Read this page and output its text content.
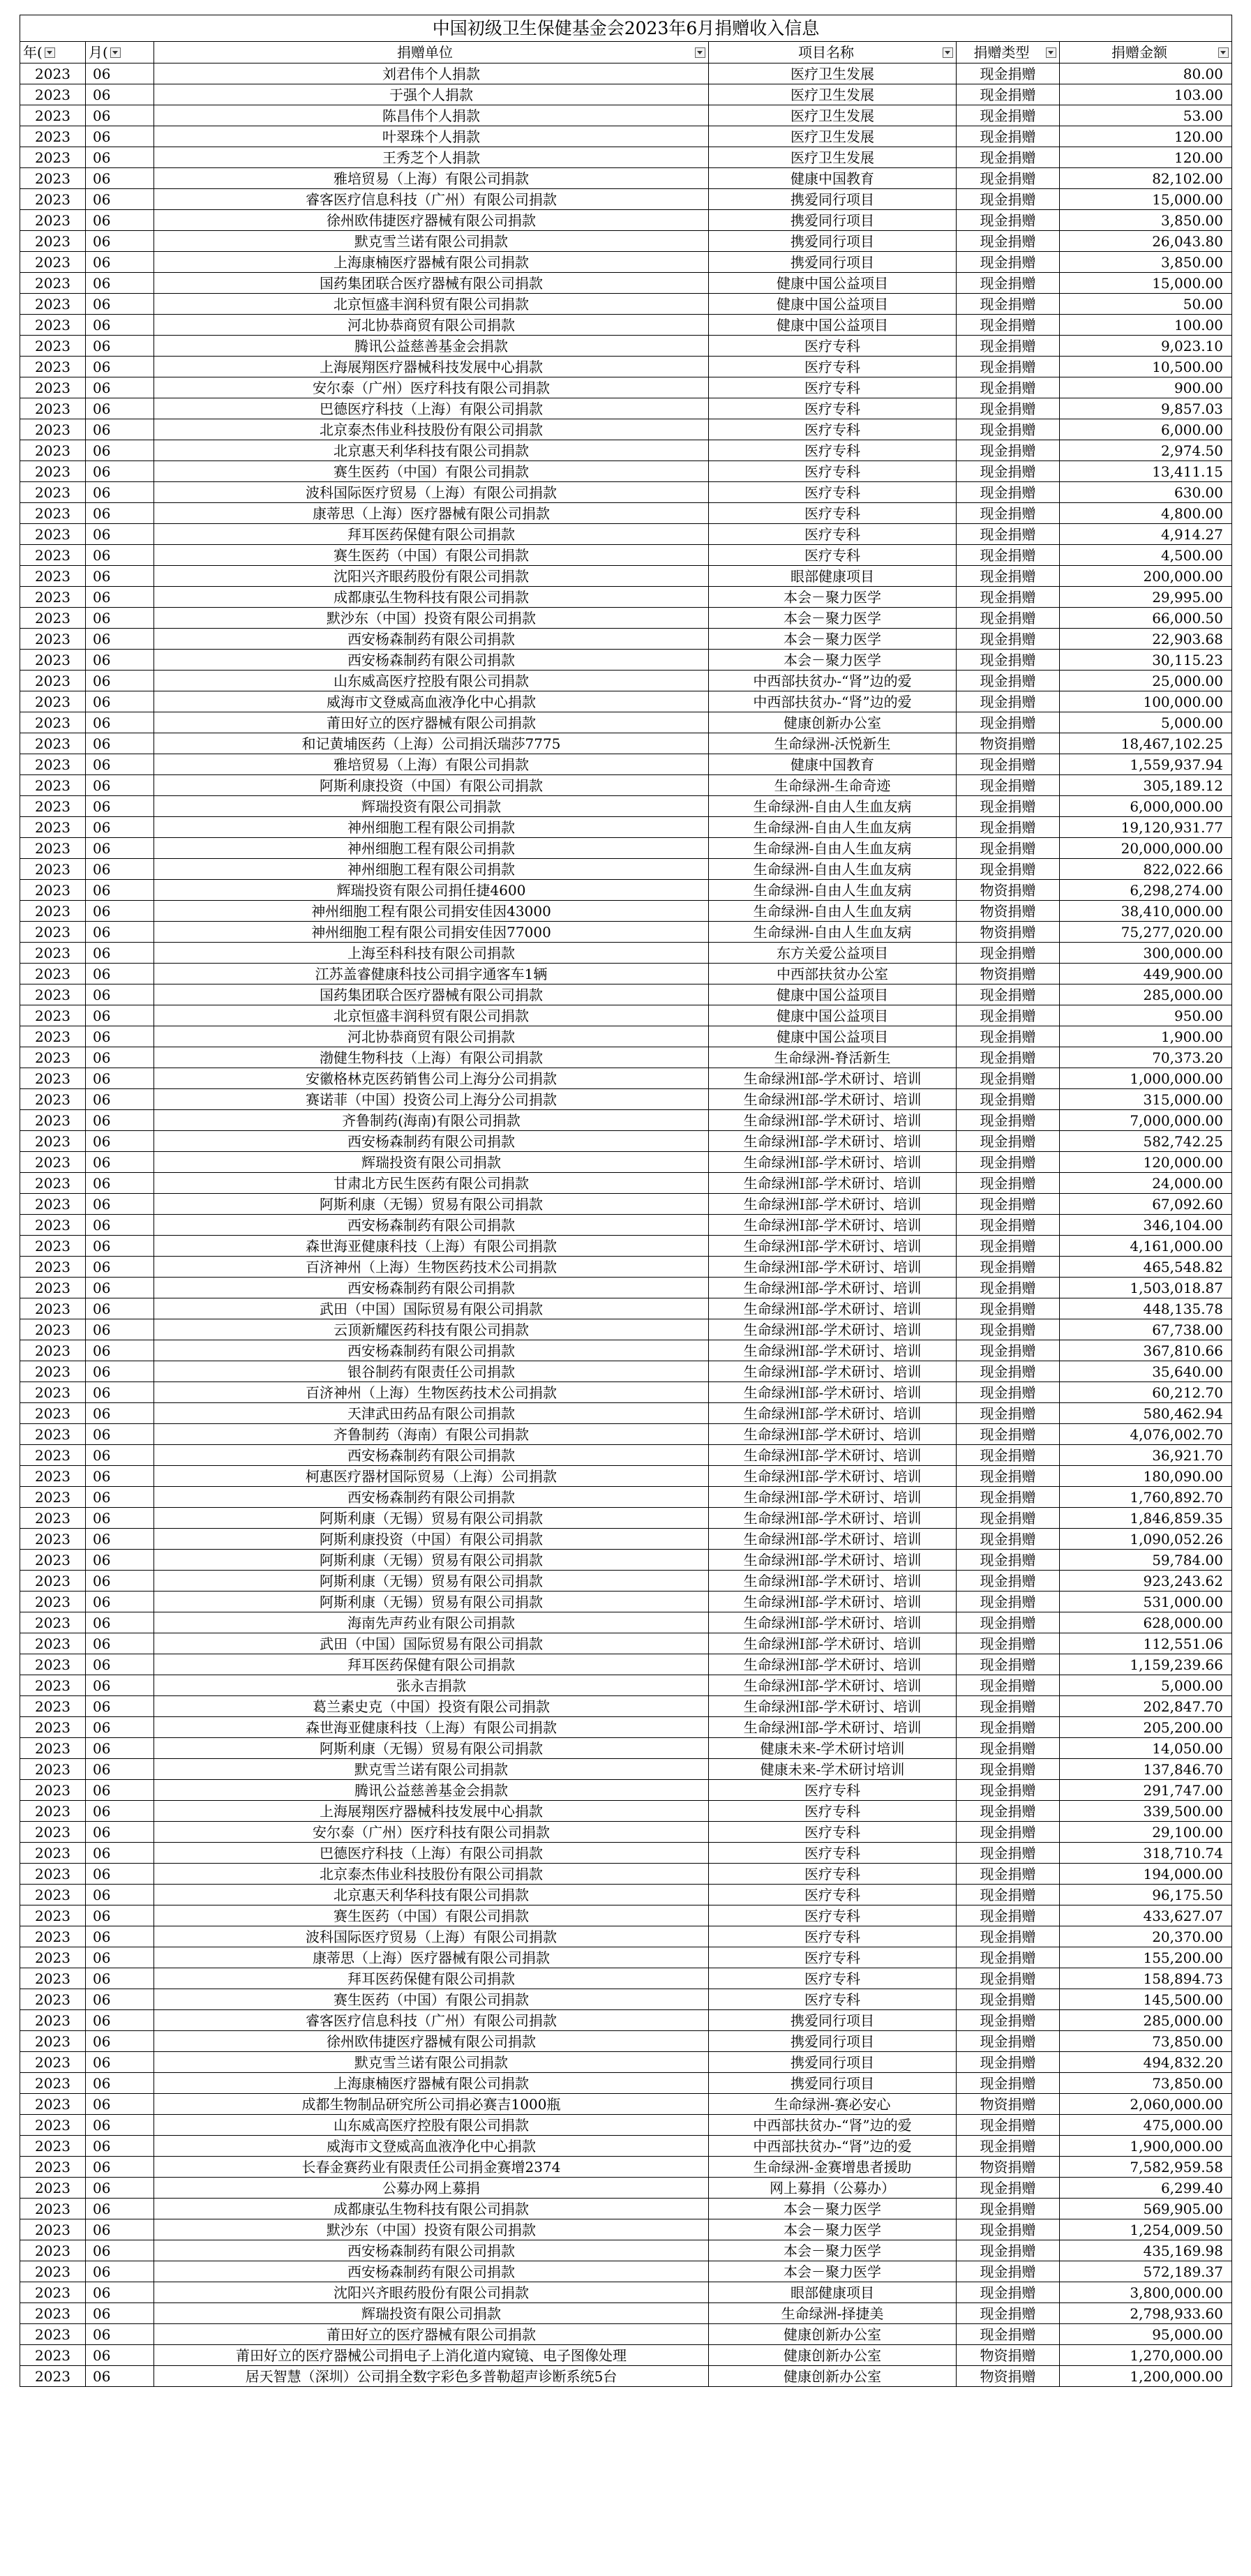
中国初级卫生保健基金会2023年6月捐赠收入信息					

年(	月(	捐赠单位	项目名称	捐赠类型	捐赠金额

2023	06	刘君伟个人捐款	医疗卫生发展	现金捐赠	80.00
2023	06	于强个人捐款	医疗卫生发展	现金捐赠	103.00
2023	06	陈昌伟个人捐款	医疗卫生发展	现金捐赠	53.00
2023	06	叶翠珠个人捐款	医疗卫生发展	现金捐赠	120.00
2023	06	王秀芝个人捐款	医疗卫生发展	现金捐赠	120.00
2023	06	雅培贸易（上海）有限公司捐款	健康中国教育	现金捐赠	82,102.00
2023	06	睿客医疗信息科技（广州）有限公司捐款	携爱同行项目	现金捐赠	15,000.00
2023	06	徐州欧伟捷医疗器械有限公司捐款	携爱同行项目	现金捐赠	3,850.00
2023	06	默克雪兰诺有限公司捐款	携爱同行项目	现金捐赠	26,043.80
2023	06	上海康楠医疗器械有限公司捐款	携爱同行项目	现金捐赠	3,850.00
2023	06	国药集团联合医疗器械有限公司捐款	健康中国公益项目	现金捐赠	15,000.00
2023	06	北京恒盛丰润科贸有限公司捐款	健康中国公益项目	现金捐赠	50.00
2023	06	河北协恭商贸有限公司捐款	健康中国公益项目	现金捐赠	100.00
2023	06	腾讯公益慈善基金会捐款	医疗专科	现金捐赠	9,023.10
2023	06	上海展翔医疗器械科技发展中心捐款	医疗专科	现金捐赠	10,500.00
2023	06	安尔泰（广州）医疗科技有限公司捐款	医疗专科	现金捐赠	900.00
2023	06	巴德医疗科技（上海）有限公司捐款	医疗专科	现金捐赠	9,857.03
2023	06	北京泰杰伟业科技股份有限公司捐款	医疗专科	现金捐赠	6,000.00
2023	06	北京惠天利华科技有限公司捐款	医疗专科	现金捐赠	2,974.50
2023	06	赛生医药（中国）有限公司捐款	医疗专科	现金捐赠	13,411.15
2023	06	波科国际医疗贸易（上海）有限公司捐款	医疗专科	现金捐赠	630.00
2023	06	康蒂思（上海）医疗器械有限公司捐款	医疗专科	现金捐赠	4,800.00
2023	06	拜耳医药保健有限公司捐款	医疗专科	现金捐赠	4,914.27
2023	06	赛生医药（中国）有限公司捐款	医疗专科	现金捐赠	4,500.00
2023	06	沈阳兴齐眼药股份有限公司捐款	眼部健康项目	现金捐赠	200,000.00
2023	06	成都康弘生物科技有限公司捐款	本会－聚力医学	现金捐赠	29,995.00
2023	06	默沙东（中国）投资有限公司捐款	本会－聚力医学	现金捐赠	66,000.50
2023	06	西安杨森制药有限公司捐款	本会－聚力医学	现金捐赠	22,903.68
2023	06	西安杨森制药有限公司捐款	本会－聚力医学	现金捐赠	30,115.23
2023	06	山东威高医疗控股有限公司捐款	中西部扶贫办-“肾”边的爱	现金捐赠	25,000.00
2023	06	威海市文登威高血液净化中心捐款	中西部扶贫办-“肾”边的爱	现金捐赠	100,000.00
2023	06	莆田好立的医疗器械有限公司捐款	健康创新办公室	现金捐赠	5,000.00
2023	06	和记黄埔医药（上海）公司捐沃瑞莎7775	生命绿洲-沃悦新生	物资捐赠	18,467,102.25
2023	06	雅培贸易（上海）有限公司捐款	健康中国教育	现金捐赠	1,559,937.94
2023	06	阿斯利康投资（中国）有限公司捐款	生命绿洲-生命奇迹	现金捐赠	305,189.12
2023	06	辉瑞投资有限公司捐款	生命绿洲-自由人生血友病	现金捐赠	6,000,000.00
2023	06	神州细胞工程有限公司捐款	生命绿洲-自由人生血友病	现金捐赠	19,120,931.77
2023	06	神州细胞工程有限公司捐款	生命绿洲-自由人生血友病	现金捐赠	20,000,000.00
2023	06	神州细胞工程有限公司捐款	生命绿洲-自由人生血友病	现金捐赠	822,022.66
2023	06	辉瑞投资有限公司捐任捷4600	生命绿洲-自由人生血友病	物资捐赠	6,298,274.00
2023	06	神州细胞工程有限公司捐安佳因43000	生命绿洲-自由人生血友病	物资捐赠	38,410,000.00
2023	06	神州细胞工程有限公司捐安佳因77000	生命绿洲-自由人生血友病	物资捐赠	75,277,020.00
2023	06	上海至科科技有限公司捐款	东方关爱公益项目	现金捐赠	300,000.00
2023	06	江苏盖睿健康科技公司捐字通客车1辆	中西部扶贫办公室	物资捐赠	449,900.00
2023	06	国药集团联合医疗器械有限公司捐款	健康中国公益项目	现金捐赠	285,000.00
2023	06	北京恒盛丰润科贸有限公司捐款	健康中国公益项目	现金捐赠	950.00
2023	06	河北协恭商贸有限公司捐款	健康中国公益项目	现金捐赠	1,900.00
2023	06	渤健生物科技（上海）有限公司捐款	生命绿洲-脊活新生	现金捐赠	70,373.20
2023	06	安徽格林克医药销售公司上海分公司捐款	生命绿洲Ⅰ部-学术研讨、培训	现金捐赠	1,000,000.00
2023	06	赛诺菲（中国）投资公司上海分公司捐款	生命绿洲Ⅰ部-学术研讨、培训	现金捐赠	315,000.00
2023	06	齐鲁制药(海南)有限公司捐款	生命绿洲Ⅰ部-学术研讨、培训	现金捐赠	7,000,000.00
2023	06	西安杨森制药有限公司捐款	生命绿洲Ⅰ部-学术研讨、培训	现金捐赠	582,742.25
2023	06	辉瑞投资有限公司捐款	生命绿洲Ⅰ部-学术研讨、培训	现金捐赠	120,000.00
2023	06	甘肃北方民生医药有限公司捐款	生命绿洲Ⅰ部-学术研讨、培训	现金捐赠	24,000.00
2023	06	阿斯利康（无锡）贸易有限公司捐款	生命绿洲Ⅰ部-学术研讨、培训	现金捐赠	67,092.60
2023	06	西安杨森制药有限公司捐款	生命绿洲Ⅰ部-学术研讨、培训	现金捐赠	346,104.00
2023	06	森世海亚健康科技（上海）有限公司捐款	生命绿洲Ⅰ部-学术研讨、培训	现金捐赠	4,161,000.00
2023	06	百济神州（上海）生物医药技术公司捐款	生命绿洲Ⅰ部-学术研讨、培训	现金捐赠	465,548.82
2023	06	西安杨森制药有限公司捐款	生命绿洲Ⅰ部-学术研讨、培训	现金捐赠	1,503,018.87
2023	06	武田（中国）国际贸易有限公司捐款	生命绿洲Ⅰ部-学术研讨、培训	现金捐赠	448,135.78
2023	06	云顶新耀医药科技有限公司捐款	生命绿洲Ⅰ部-学术研讨、培训	现金捐赠	67,738.00
2023	06	西安杨森制药有限公司捐款	生命绿洲Ⅰ部-学术研讨、培训	现金捐赠	367,810.66
2023	06	银谷制药有限责任公司捐款	生命绿洲Ⅰ部-学术研讨、培训	现金捐赠	35,640.00
2023	06	百济神州（上海）生物医药技术公司捐款	生命绿洲Ⅰ部-学术研讨、培训	现金捐赠	60,212.70
2023	06	天津武田药品有限公司捐款	生命绿洲Ⅰ部-学术研讨、培训	现金捐赠	580,462.94
2023	06	齐鲁制药（海南）有限公司捐款	生命绿洲Ⅰ部-学术研讨、培训	现金捐赠	4,076,002.70
2023	06	西安杨森制药有限公司捐款	生命绿洲Ⅰ部-学术研讨、培训	现金捐赠	36,921.70
2023	06	柯惠医疗器材国际贸易（上海）公司捐款	生命绿洲Ⅰ部-学术研讨、培训	现金捐赠	180,090.00
2023	06	西安杨森制药有限公司捐款	生命绿洲Ⅰ部-学术研讨、培训	现金捐赠	1,760,892.70
2023	06	阿斯利康（无锡）贸易有限公司捐款	生命绿洲Ⅰ部-学术研讨、培训	现金捐赠	1,846,859.35
2023	06	阿斯利康投资（中国）有限公司捐款	生命绿洲Ⅰ部-学术研讨、培训	现金捐赠	1,090,052.26
2023	06	阿斯利康（无锡）贸易有限公司捐款	生命绿洲Ⅰ部-学术研讨、培训	现金捐赠	59,784.00
2023	06	阿斯利康（无锡）贸易有限公司捐款	生命绿洲Ⅰ部-学术研讨、培训	现金捐赠	923,243.62
2023	06	阿斯利康（无锡）贸易有限公司捐款	生命绿洲Ⅰ部-学术研讨、培训	现金捐赠	531,000.00
2023	06	海南先声药业有限公司捐款	生命绿洲Ⅰ部-学术研讨、培训	现金捐赠	628,000.00
2023	06	武田（中国）国际贸易有限公司捐款	生命绿洲Ⅰ部-学术研讨、培训	现金捐赠	112,551.06
2023	06	拜耳医药保健有限公司捐款	生命绿洲Ⅰ部-学术研讨、培训	现金捐赠	1,159,239.66
2023	06	张永吉捐款	生命绿洲Ⅰ部-学术研讨、培训	现金捐赠	5,000.00
2023	06	葛兰素史克（中国）投资有限公司捐款	生命绿洲Ⅰ部-学术研讨、培训	现金捐赠	202,847.70
2023	06	森世海亚健康科技（上海）有限公司捐款	生命绿洲Ⅰ部-学术研讨、培训	现金捐赠	205,200.00
2023	06	阿斯利康（无锡）贸易有限公司捐款	健康未来-学术研讨培训	现金捐赠	14,050.00
2023	06	默克雪兰诺有限公司捐款	健康未来-学术研讨培训	现金捐赠	137,846.70
2023	06	腾讯公益慈善基金会捐款	医疗专科	现金捐赠	291,747.00
2023	06	上海展翔医疗器械科技发展中心捐款	医疗专科	现金捐赠	339,500.00
2023	06	安尔泰（广州）医疗科技有限公司捐款	医疗专科	现金捐赠	29,100.00
2023	06	巴德医疗科技（上海）有限公司捐款	医疗专科	现金捐赠	318,710.74
2023	06	北京泰杰伟业科技股份有限公司捐款	医疗专科	现金捐赠	194,000.00
2023	06	北京惠天利华科技有限公司捐款	医疗专科	现金捐赠	96,175.50
2023	06	赛生医药（中国）有限公司捐款	医疗专科	现金捐赠	433,627.07
2023	06	波科国际医疗贸易（上海）有限公司捐款	医疗专科	现金捐赠	20,370.00
2023	06	康蒂思（上海）医疗器械有限公司捐款	医疗专科	现金捐赠	155,200.00
2023	06	拜耳医药保健有限公司捐款	医疗专科	现金捐赠	158,894.73
2023	06	赛生医药（中国）有限公司捐款	医疗专科	现金捐赠	145,500.00
2023	06	睿客医疗信息科技（广州）有限公司捐款	携爱同行项目	现金捐赠	285,000.00
2023	06	徐州欧伟捷医疗器械有限公司捐款	携爱同行项目	现金捐赠	73,850.00
2023	06	默克雪兰诺有限公司捐款	携爱同行项目	现金捐赠	494,832.20
2023	06	上海康楠医疗器械有限公司捐款	携爱同行项目	现金捐赠	73,850.00
2023	06	成都生物制品研究所公司捐必赛吉1000瓶	生命绿洲-赛必安心	物资捐赠	2,060,000.00
2023	06	山东威高医疗控股有限公司捐款	中西部扶贫办-“肾”边的爱	现金捐赠	475,000.00
2023	06	威海市文登威高血液净化中心捐款	中西部扶贫办-“肾”边的爱	现金捐赠	1,900,000.00
2023	06	长春金赛药业有限责任公司捐金赛增2374	生命绿洲-金赛增患者援助	物资捐赠	7,582,959.58
2023	06	公募办网上募捐	网上募捐（公募办）	现金捐赠	6,299.40
2023	06	成都康弘生物科技有限公司捐款	本会－聚力医学	现金捐赠	569,905.00
2023	06	默沙东（中国）投资有限公司捐款	本会－聚力医学	现金捐赠	1,254,009.50
2023	06	西安杨森制药有限公司捐款	本会－聚力医学	现金捐赠	435,169.98
2023	06	西安杨森制药有限公司捐款	本会－聚力医学	现金捐赠	572,189.37
2023	06	沈阳兴齐眼药股份有限公司捐款	眼部健康项目	现金捐赠	3,800,000.00
2023	06	辉瑞投资有限公司捐款	生命绿洲-择捷美	现金捐赠	2,798,933.60
2023	06	莆田好立的医疗器械有限公司捐款	健康创新办公室	现金捐赠	95,000.00
2023	06	莆田好立的医疗器械公司捐电子上消化道内窥镜、电子图像处理	健康创新办公室	物资捐赠	1,270,000.00
2023	06	居天智慧（深圳）公司捐全数字彩色多普勒超声诊断系统5台	健康创新办公室	物资捐赠	1,200,000.00
